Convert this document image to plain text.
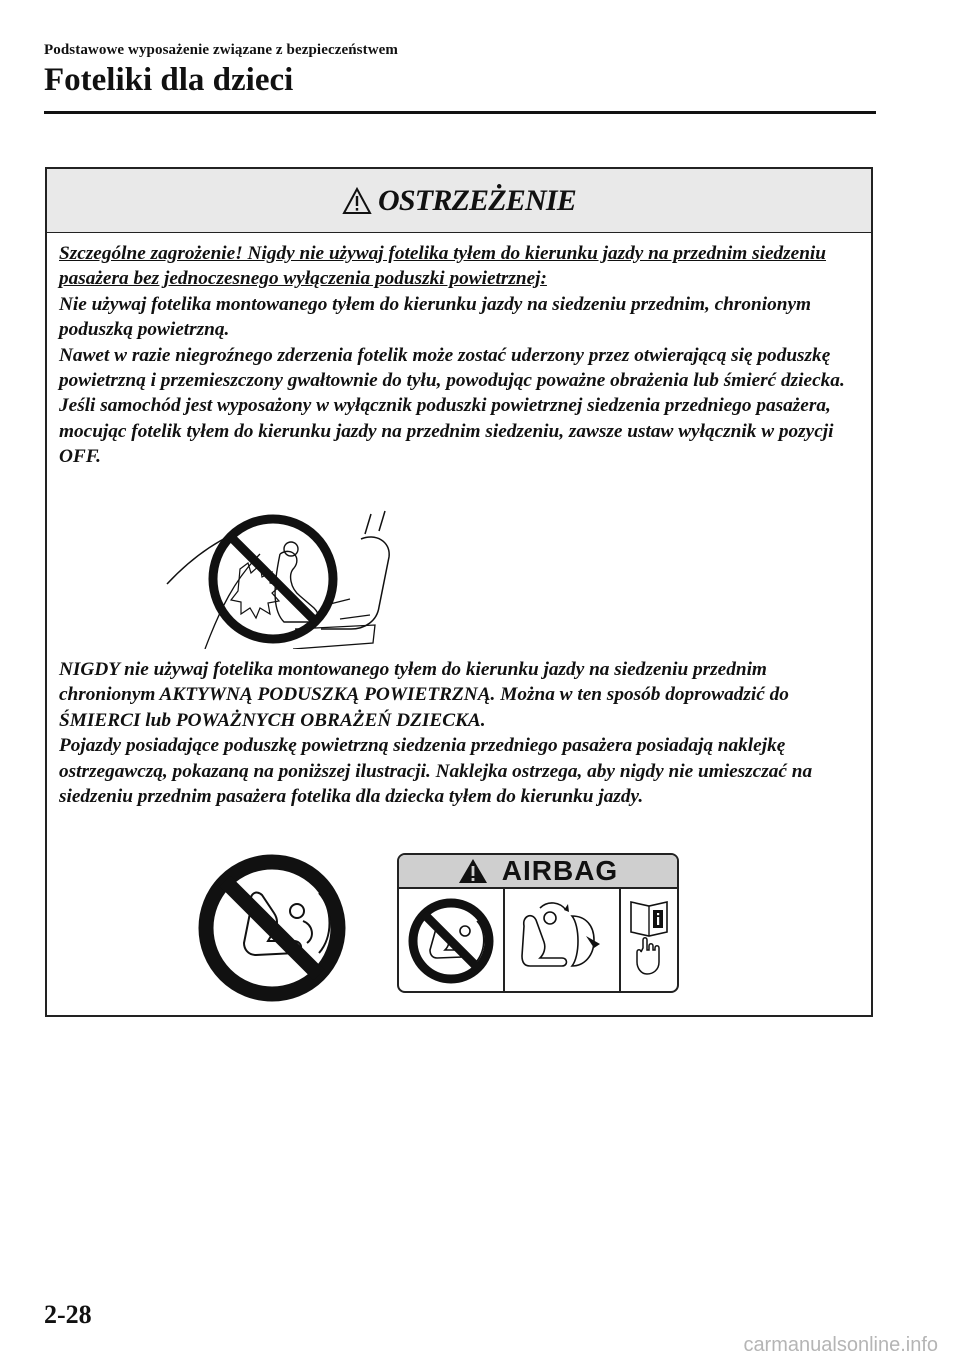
Podstawowe wyposażenie związane z bezpieczeństwem
Foteliki dla dzieci
OSTRZEŻENIE

Szczególne zagrożenie! Nigdy nie używaj fotelika tyłem do kierunku jazdy na przednim siedzeniu pasażera bez jednoczesnego wyłączenia poduszki powietrznej:

Nie używaj fotelika montowanego tyłem do kierunku jazdy na siedzeniu przednim, chronionym poduszką powietrzną.

Nawet w razie niegroźnego zderzenia fotelik może zostać uderzony przez otwierającą się poduszkę powietrzną i przemieszczony gwałtownie do tyłu, powodując poważne obrażenia lub śmierć dziecka. Jeśli samochód jest wyposażony w wyłącznik poduszki powietrznej siedzenia przedniego pasażera, mocując fotelik tyłem do kierunku jazdy na przednim siedzeniu, zawsze ustaw wyłącznik w pozycji OFF.

NIGDY nie używaj fotelika montowanego tyłem do kierunku jazdy na siedzeniu przednim chronionym AKTYWNĄ PODUSZKĄ POWIETRZNĄ. Można w ten sposób doprowadzić do ŚMIERCI lub POWAŻNYCH OBRAŻEŃ DZIECKA.

Pojazdy posiadające poduszkę powietrzną siedzenia przedniego pasażera posiadają naklejkę ostrzegawczą, pokazaną na poniższej ilustracji. Naklejka ostrzega, aby nigdy nie umieszczać na siedzeniu przednim pasażera fotelika dla dziecka tyłem do kierunku jazdy.

AIRBAG
2-28
carmanualsonline.info
